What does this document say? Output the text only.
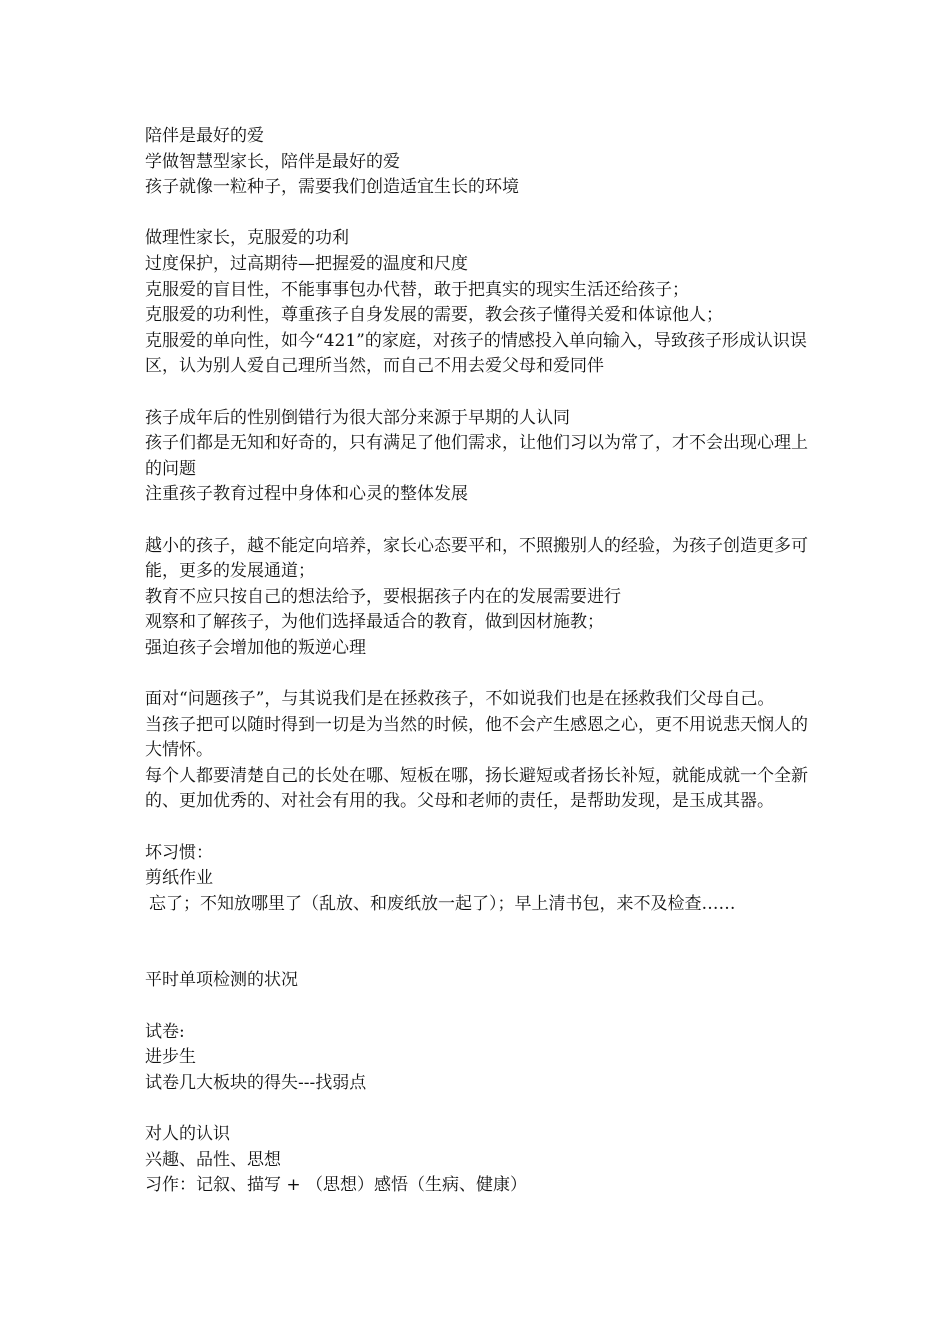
陪伴是最好的爱

学做智慧型家长，陪伴是最好的爱

孩子就像一粒种子，需要我们创造适宜生长的环境

做理性家长，克服爱的功利

过度保护，过高期待—把握爱的温度和尺度

克服爱的盲目性，不能事事包办代替，敢于把真实的现实生活还给孩子；

克服爱的功利性，尊重孩子自身发展的需要，教会孩子懂得关爱和体谅他人；

克服爱的单向性，如今“421”的家庭，对孩子的情感投入单向输入，导致孩子形成认识误区，认为别人爱自己理所当然，而自己不用去爱父母和爱同伴

孩子成年后的性别倒错行为很大部分来源于早期的人认同

孩子们都是无知和好奇的，只有满足了他们需求，让他们习以为常了，才不会出现心理上的问题

注重孩子教育过程中身体和心灵的整体发展

越小的孩子，越不能定向培养，家长心态要平和，不照搬别人的经验，为孩子创造更多可能，更多的发展通道；

教育不应只按自己的想法给予，要根据孩子内在的发展需要进行

观察和了解孩子，为他们选择最适合的教育，做到因材施教；

强迫孩子会增加他的叛逆心理

面对“问题孩子”，与其说我们是在拯救孩子，不如说我们也是在拯救我们父母自己。

当孩子把可以随时得到一切是为当然的时候，他不会产生感恩之心，更不用说悲天悯人的大情怀。

每个人都要清楚自己的长处在哪、短板在哪，扬长避短或者扬长补短，就能成就一个全新的、更加优秀的、对社会有用的我。父母和老师的责任，是帮助发现，是玉成其器。

坏习惯：

剪纸作业

忘了；不知放哪里了（乱放、和废纸放一起了）；早上清书包，来不及检查……

平时单项检测的状况

试卷:

进步生

试卷几大板块的得失---找弱点

对人的认识

兴趣、品性、思想

习作：记叙、描写 + （思想）感悟（生病、健康）
